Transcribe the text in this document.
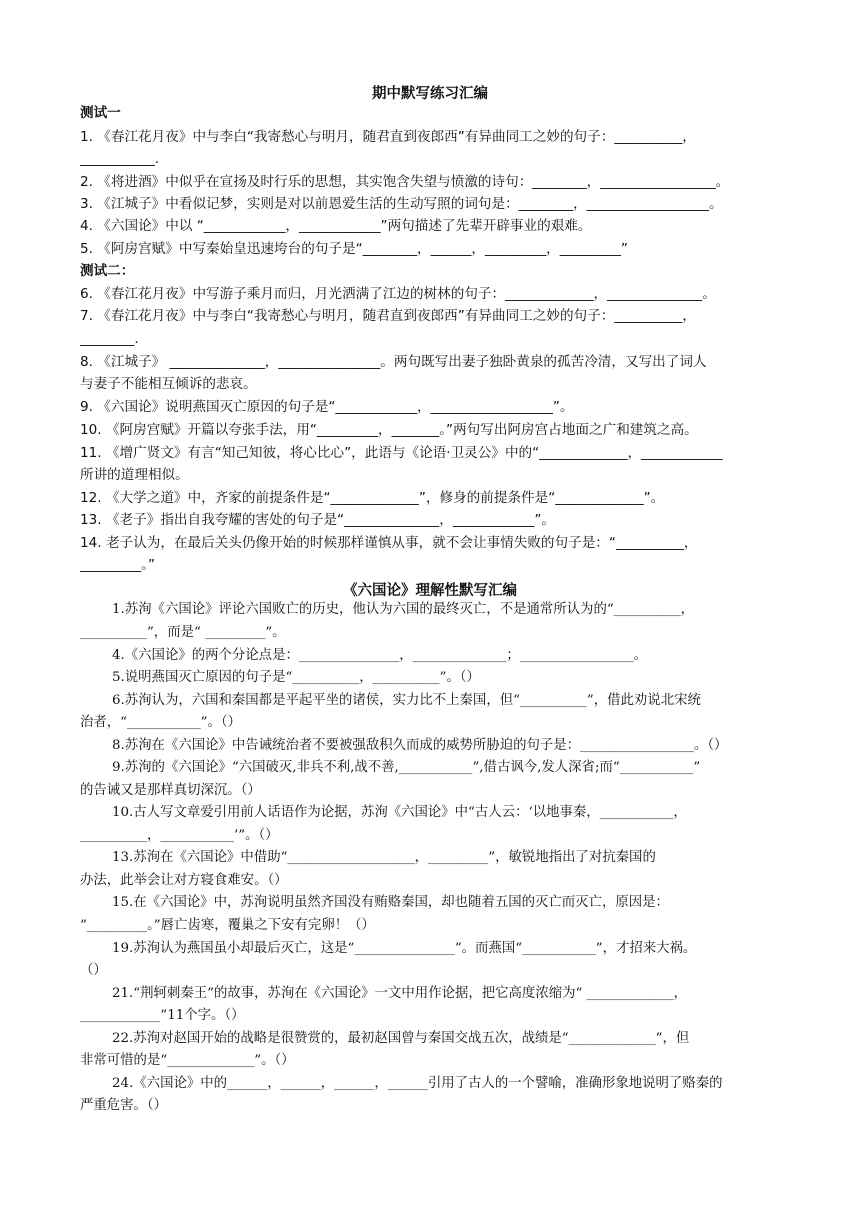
期中默写练习汇编
测试一
1. 《春江花月夜》中与李白“我寄愁心与明月，随君直到夜郎西”有异曲同工之妙的句子：__________，
___________.
2. 《将进酒》中似乎在宣扬及时行乐的思想，其实饱含失望与愤激的诗句：________，_________________。
3. 《江城子》中看似记梦，实则是对以前恩爱生活的生动写照的词句是：________，__________________。
4. 《六国论》中以 “____________，____________”两句描述了先辈开辟事业的艰难。
5. 《阿房宫赋》中写秦始皇迅速垮台的句子是“________，______，_________，_________”
测试二：
6. 《春江花月夜》中写游子乘月而归，月光洒满了江边的树林的句子：_____________，______________。
7. 《春江花月夜》中与李白“我寄愁心与明月，随君直到夜郎西”有异曲同工之妙的句子：__________，
________.
8. 《江城子》 ______________，_______________。两句既写出妻子独卧黄泉的孤苦冷清，又写出了词人
与妻子不能相互倾诉的悲哀。
9. 《六国论》说明燕国灭亡原因的句子是“____________，__________________”。
10. 《阿房宫赋》开篇以夸张手法，用“_________，_______。”两句写出阿房宫占地面之广和建筑之高。
11. 《增广贤文》有言“知己知彼，将心比心”，此语与《论语·卫灵公》中的“_____________，____________
所讲的道理相似。
12. 《大学之道》中，齐家的前提条件是“_____________”，修身的前提条件是“_____________”。
13. 《老子》指出自我夸耀的害处的句子是“______________，____________”。
14. 老子认为，在最后关头仍像开始的时候那样谨慎从事，就不会让事情失败的句子是：“__________，
_________。”
《六国论》理解性默写汇编
1.苏洵《六国论》评论六国败亡的历史，他认为六国的最终灭亡，不是通常所认为的“__________，
__________”，而是“ _________”。
4.《六国论》的两个分论点是：_______________，______________；_________________。
5.说明燕国灭亡原因的句子是“__________，__________”。（）
6.苏洵认为，六国和秦国都是平起平坐的诸侯，实力比不上秦国，但“__________”，借此劝说北宋统
治者，“___________”。（）
8.苏洵在《六国论》中告诫统治者不要被强敌积久而成的威势所胁迫的句子是：_________________。（）
9.苏洵的《六国论》“六国破灭,非兵不利,战不善,___________”,借古讽今,发人深省;而“___________”
的告诫又是那样真切深沉。（）
10.古人写文章爱引用前人话语作为论据，苏洵《六国论》中“古人云：‘以地事秦，___________，
__________，___________’”。（）
13.苏洵在《六国论》中借助“___________________，_________”，敏锐地指出了对抗秦国的
办法，此举会让对方寝食难安。（）
15.在《六国论》中，苏洵说明虽然齐国没有贿赂秦国，却也随着五国的灭亡而灭亡，原因是：
“_________。”唇亡齿寒，覆巢之下安有完卵！（）
19.苏洵认为燕国虽小却最后灭亡，这是“_______________”。而燕国“___________”，才招来大祸。
（）
21.“荆轲刺秦王”的故事，苏洵在《六国论》一文中用作论据，把它高度浓缩为“ _____________，
____________”11个字。（）
22.苏洵对赵国开始的战略是很赞赏的，最初赵国曾与秦国交战五次，战绩是“_____________”，但
非常可惜的是“_____________”。（）
24.《六国论》中的______，______，______，______引用了古人的一个譬喻，准确形象地说明了赂秦的
严重危害。（）
